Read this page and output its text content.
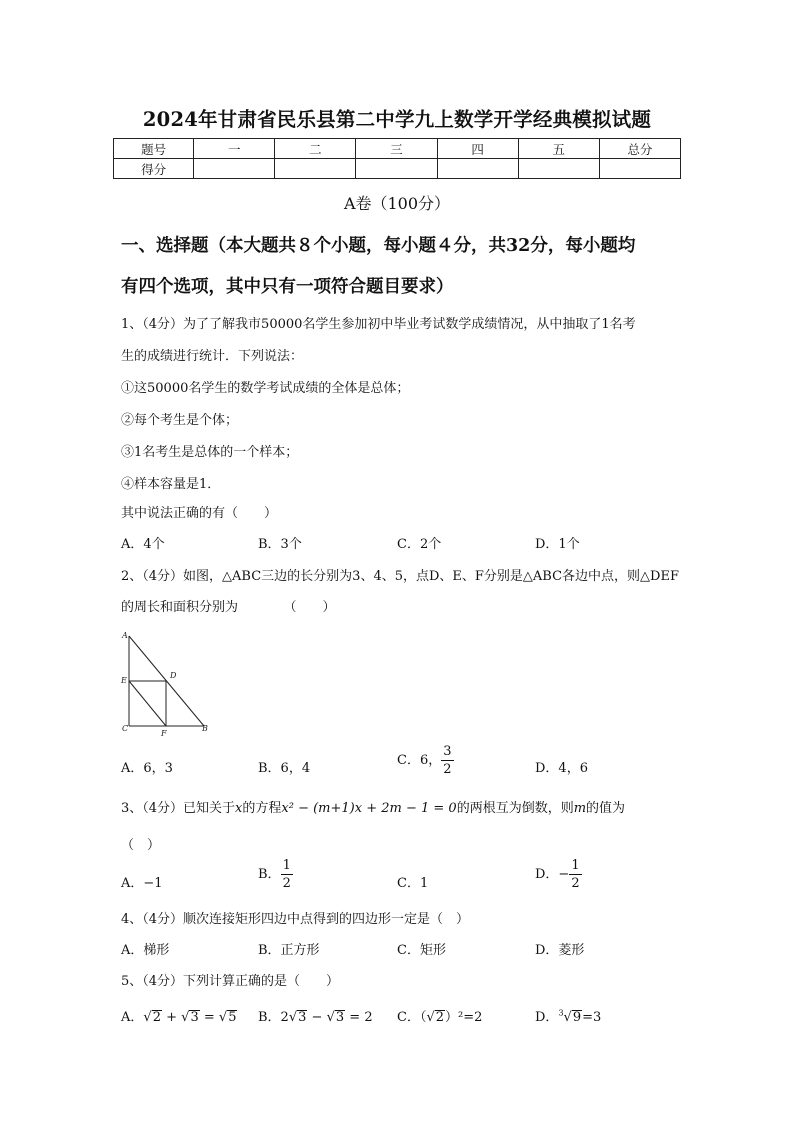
2024年甘肃省民乐县第二中学九上数学开学经典模拟试题
题号	一	二	三	四	五	总分
得分						
A卷（100分）
一、选择题（本大题共８个小题，每小题４分，共32分，每小题均
有四个选项，其中只有一项符合题目要求）
1、（4分）为了了解我市50000名学生参加初中毕业考试数学成绩情况，从中抽取了1名考
生的成绩进行统计．下列说法：
①这50000名学生的数学考试成绩的全体是总体；
②每个考生是个体；
③1名考生是总体的一个样本；
④样本容量是1．
其中说法正确的有（　　）
A．4个	B．3个	C．2个	D．1个
2、（4分）如图，△ABC三边的长分别为3、4、5，点D、E、F分别是△ABC各边中点，则△DEF
的周长和面积分别为　　　　（　　）
A
E
C
D
F
B
A．6，3	B．6，4
C．6， $\frac{3}{2}$	D．4，6
3、（4分）已知关于x的方程x² − (m+1)x + 2m − 1 = 0的两根互为倒数，则m的值为
（　）
A．−1
B． $\frac{1}{2}$	C．1
D．− $\frac{1}{2}$
4、（4分）顺次连接矩形四边中点得到的四边形一定是（　）
A．梯形	B．正方形	C．矩形	D．菱形
5、（4分）下列计算正确的是（　　）
A．√2 + √3 = √5 B．2√3 − √3 = 2 C．（√2）²=2	D．$^3$√9=3
